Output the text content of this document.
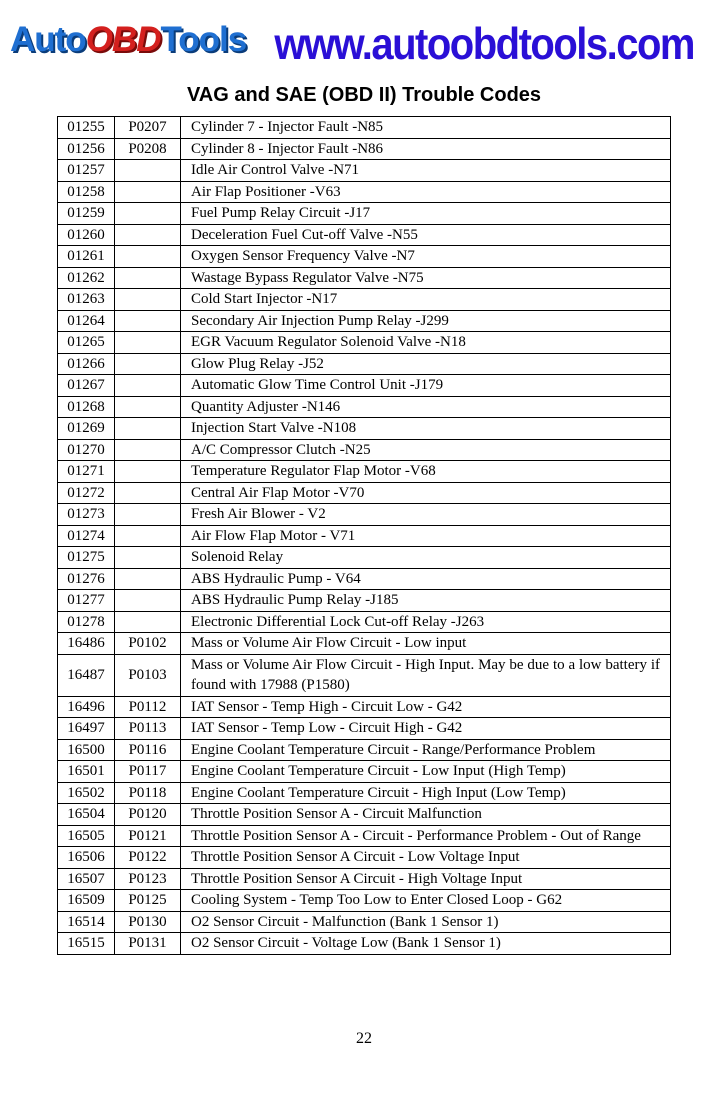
AutoOBDTools www.autoobdtools.com
VAG and SAE (OBD II) Trouble Codes
01255	P0207	Cylinder 7 - Injector Fault -N85
01256	P0208	Cylinder 8 - Injector Fault -N86
01257		Idle Air Control Valve -N71
01258		Air Flap Positioner -V63
01259		Fuel Pump Relay Circuit -J17
01260		Deceleration Fuel Cut-off Valve -N55
01261		Oxygen Sensor Frequency Valve -N7
01262		Wastage Bypass Regulator Valve -N75
01263		Cold Start Injector -N17
01264		Secondary Air Injection Pump Relay -J299
01265		EGR Vacuum Regulator Solenoid Valve -N18
01266		Glow Plug Relay -J52
01267		Automatic Glow Time Control Unit -J179
01268		Quantity Adjuster -N146
01269		Injection Start Valve -N108
01270		A/C Compressor Clutch -N25
01271		Temperature Regulator Flap Motor -V68
01272		Central Air Flap Motor -V70
01273		Fresh Air Blower - V2
01274		Air Flow Flap Motor - V71
01275		Solenoid Relay
01276		ABS Hydraulic Pump - V64
01277		ABS Hydraulic Pump Relay -J185
01278		Electronic Differential Lock Cut-off Relay -J263
16486	P0102	Mass or Volume Air Flow Circuit - Low input
16487	P0103	Mass or Volume Air Flow Circuit - High Input. May be due to a low battery if found with 17988 (P1580)
16496	P0112	IAT Sensor - Temp High - Circuit Low - G42
16497	P0113	IAT Sensor - Temp Low - Circuit High - G42
16500	P0116	Engine Coolant Temperature Circuit - Range/Performance Problem
16501	P0117	Engine Coolant Temperature Circuit - Low Input (High Temp)
16502	P0118	Engine Coolant Temperature Circuit - High Input (Low Temp)
16504	P0120	Throttle Position Sensor A - Circuit Malfunction
16505	P0121	Throttle Position Sensor A - Circuit - Performance Problem - Out of Range
16506	P0122	Throttle Position Sensor A Circuit - Low Voltage Input
16507	P0123	Throttle Position Sensor A Circuit - High Voltage Input
16509	P0125	Cooling System - Temp Too Low to Enter Closed Loop - G62
16514	P0130	O2 Sensor Circuit - Malfunction (Bank 1 Sensor 1)
16515	P0131	O2 Sensor Circuit - Voltage Low (Bank 1 Sensor 1)
22
